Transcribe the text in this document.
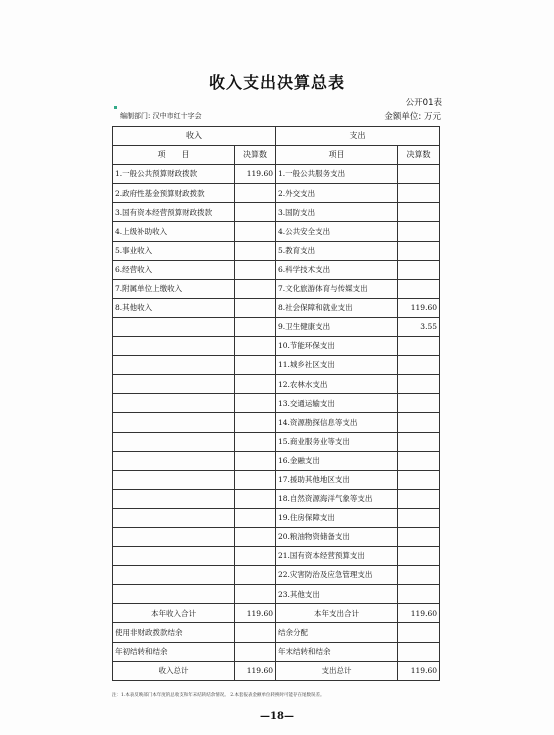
收入支出决算总表
公开01表
编制部门: 汉中市红十字会	金额单位: 万元
收入		支出	
项　　目	决算数	项目	决算数
1.一般公共预算财政拨款	119.60	1.一般公共服务支出	
2.政府性基金预算财政拨款		2.外交支出	
3.国有资本经营预算财政拨款		3.国防支出	
4.上级补助收入		4.公共安全支出	
5.事业收入		5.教育支出	
6.经营收入		6.科学技术支出	
7.附属单位上缴收入		7.文化旅游体育与传媒支出	
8.其他收入		8.社会保障和就业支出	119.60
		9.卫生健康支出	3.55
		10.节能环保支出	
		11.城乡社区支出	
		12.农林水支出	
		13.交通运输支出	
		14.资源勘探信息等支出	
		15.商业服务业等支出	
		16.金融支出	
		17.援助其他地区支出	
		18.自然资源海洋气象等支出	
		19.住房保障支出	
		20.粮油物资储备支出	
		21.国有资本经营预算支出	
		22.灾害防治及应急管理支出	
		23.其他支出	
本年收入合计	119.60	本年支出合计	119.60
使用非财政拨款结余		结余分配	
年初结转和结余		年末结转和结余	
收入总计	119.60	支出总计	119.60
注：1.本表反映部门本年度的总收支和年末结转结余情况。 2.本套报表金额单位转换时可能存在尾数误差。
—18—
